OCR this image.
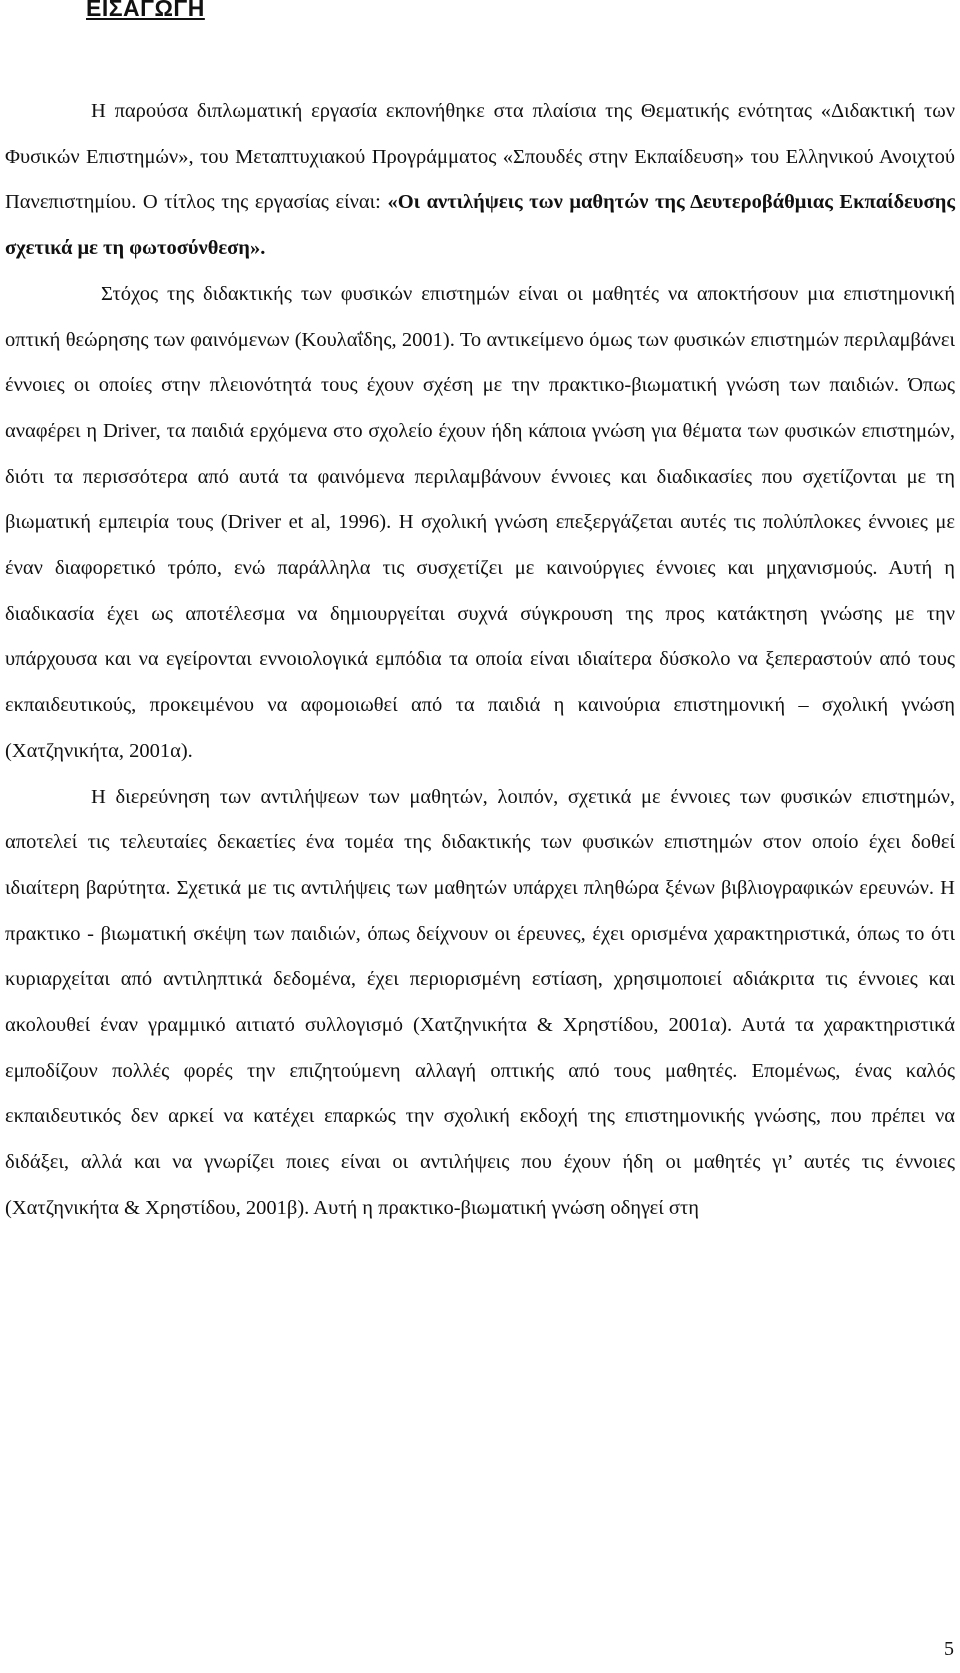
ΕΙΣΑΓΩΓΗ

Η παρούσα διπλωματική εργασία εκπονήθηκε στα πλαίσια της Θεματικής ενότητας «Διδακτική των Φυσικών Επιστημών», του Μεταπτυχιακού Προγράμματος «Σπουδές στην Εκπαίδευση» του Ελληνικού Ανοιχτού Πανεπιστημίου. Ο τίτλος της εργασίας είναι: «Οι αντιλήψεις των μαθητών της Δευτεροβάθμιας Εκπαίδευσης σχετικά με τη φωτοσύνθεση».

Στόχος της διδακτικής των φυσικών επιστημών είναι οι μαθητές να αποκτήσουν μια επιστημονική οπτική θεώρησης των φαινόμενων (Κουλαΐδης, 2001). Το αντικείμενο όμως των φυσικών επιστημών περιλαμβάνει έννοιες οι οποίες στην πλειονότητά τους έχουν σχέση με την πρακτικο-βιωματική γνώση των παιδιών. Όπως αναφέρει η Driver, τα παιδιά ερχόμενα στο σχολείο έχουν ήδη κάποια γνώση για θέματα των φυσικών επιστημών, διότι τα περισσότερα από αυτά τα φαινόμενα περιλαμβάνουν έννοιες και διαδικασίες που σχετίζονται με τη βιωματική εμπειρία τους (Driver et al, 1996). Η σχολική γνώση επεξεργάζεται αυτές τις πολύπλοκες έννοιες με έναν διαφορετικό τρόπο, ενώ παράλληλα τις συσχετίζει με καινούργιες έννοιες και μηχανισμούς. Αυτή η διαδικασία έχει ως αποτέλεσμα να δημιουργείται συχνά σύγκρουση της προς κατάκτηση γνώσης με την υπάρχουσα και να εγείρονται εννοιολογικά εμπόδια τα οποία είναι ιδιαίτερα δύσκολο να ξεπεραστούν από τους εκπαιδευτικούς, προκειμένου να αφομοιωθεί από τα παιδιά η καινούρια επιστημονική – σχολική γνώση (Χατζηνικήτα, 2001α).

Η διερεύνηση των αντιλήψεων των μαθητών, λοιπόν, σχετικά με έννοιες των φυσικών επιστημών, αποτελεί τις τελευταίες δεκαετίες ένα τομέα της διδακτικής των φυσικών επιστημών στον οποίο έχει δοθεί ιδιαίτερη βαρύτητα. Σχετικά με τις αντιλήψεις των μαθητών υπάρχει πληθώρα ξένων βιβλιογραφικών ερευνών. Η πρακτικο - βιωματική σκέψη των παιδιών, όπως δείχνουν οι έρευνες, έχει ορισμένα χαρακτηριστικά, όπως το ότι κυριαρχείται από αντιληπτικά δεδομένα, έχει περιορισμένη εστίαση, χρησιμοποιεί αδιάκριτα τις έννοιες και ακολουθεί έναν γραμμικό αιτιατό συλλογισμό (Χατζηνικήτα & Χρηστίδου, 2001α). Αυτά τα χαρακτηριστικά εμποδίζουν πολλές φορές την επιζητούμενη αλλαγή οπτικής από τους μαθητές. Επομένως, ένας καλός εκπαιδευτικός δεν αρκεί να κατέχει επαρκώς την σχολική εκδοχή της επιστημονικής γνώσης, που πρέπει να διδάξει, αλλά και να γνωρίζει ποιες είναι οι αντιλήψεις που έχουν ήδη οι μαθητές γι’ αυτές τις έννοιες (Χατζηνικήτα & Χρηστίδου, 2001β). Αυτή η πρακτικο-βιωματική γνώση οδηγεί στη

5
